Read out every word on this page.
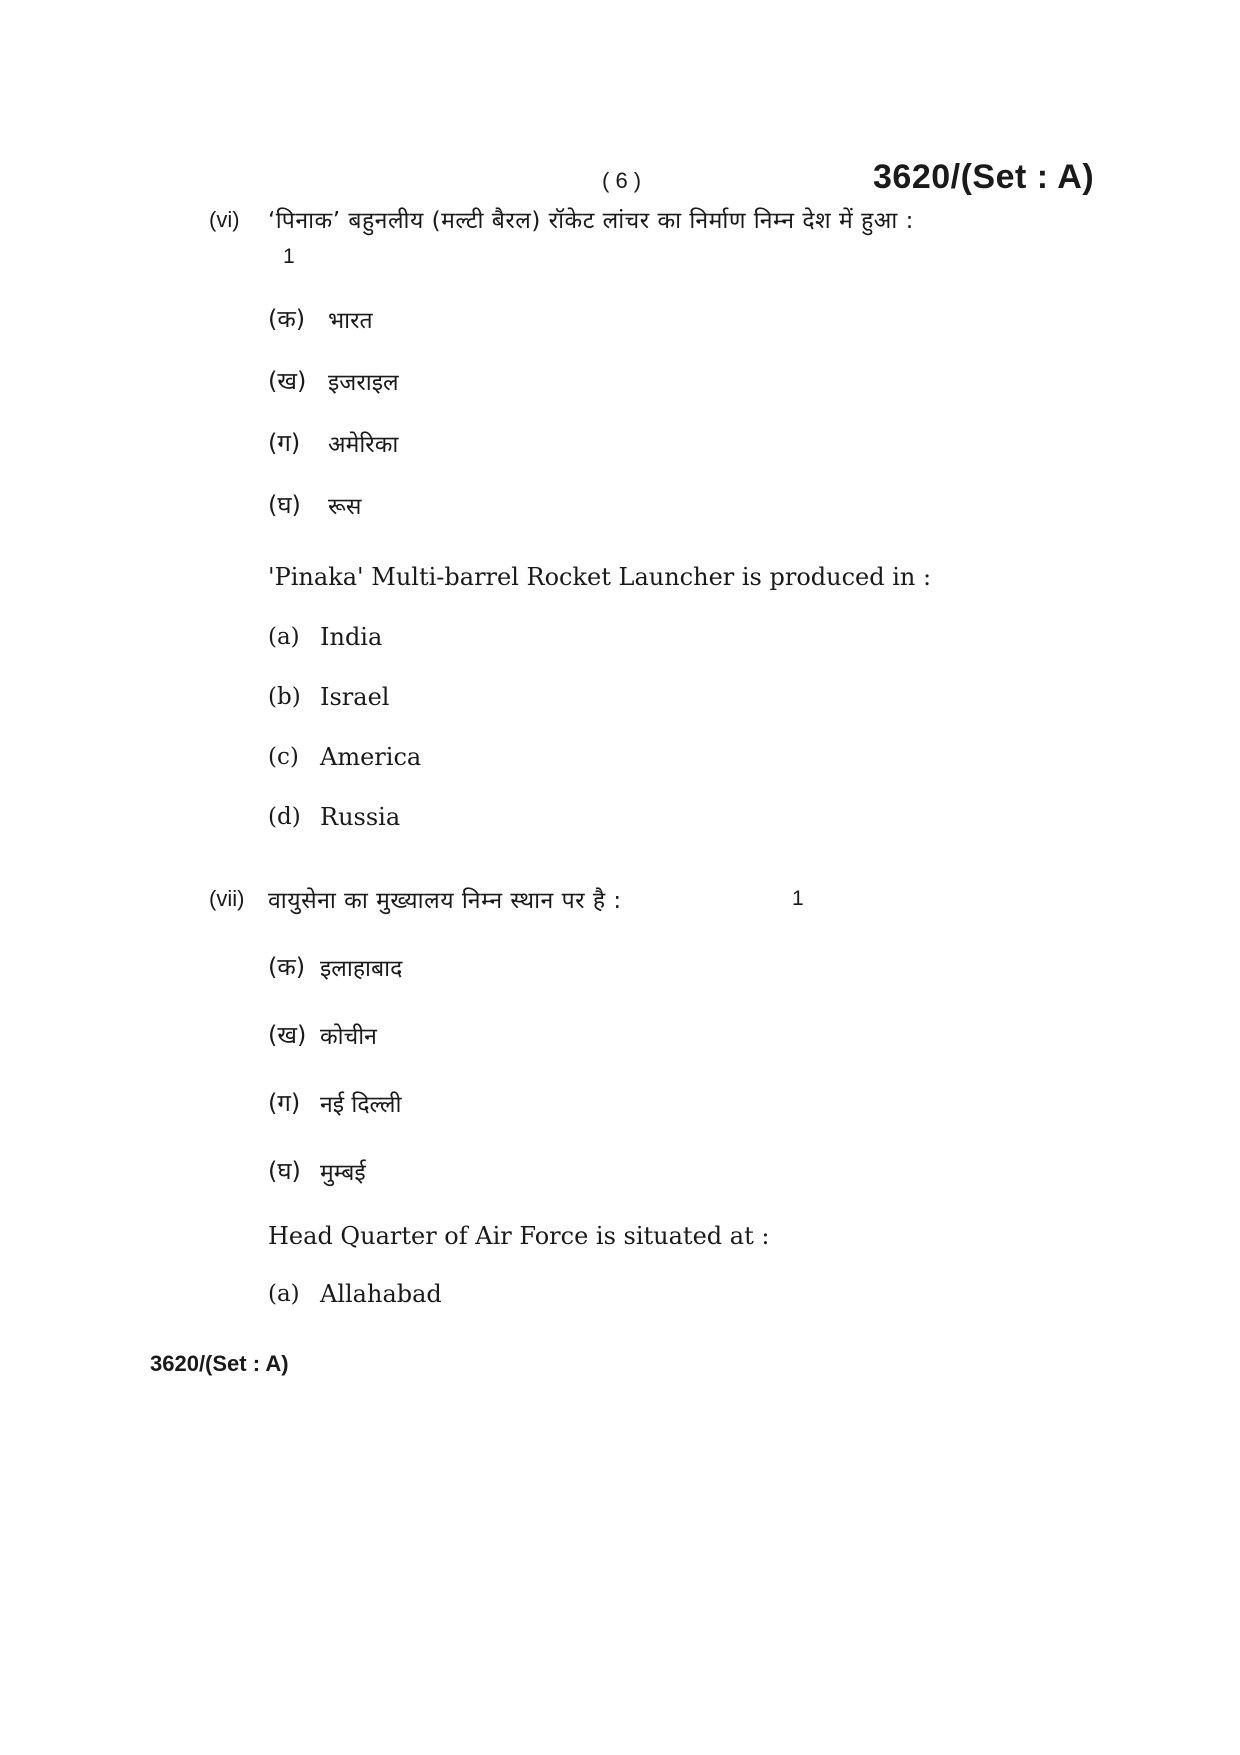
( 6 )	3620/(Set : A)
(vi) ‘पिनाक’ बहुनलीय (मल्टी बैरल) रॉकेट लांचर का निर्माण निम्न देश में हुआ :
1
(क) भारत
(ख) इजराइल
(ग) अमेरिका
(घ) रूस
'Pinaka' Multi-barrel Rocket Launcher is produced in :
(a) India
(b) Israel
(c) America
(d) Russia
(vii) वायुसेना का मुख्यालय निम्न स्थान पर है :	1
(क) इलाहाबाद
(ख) कोचीन
(ग) नई दिल्ली
(घ) मुम्बई
Head Quarter of Air Force is situated at :
(a) Allahabad
3620/(Set : A)
